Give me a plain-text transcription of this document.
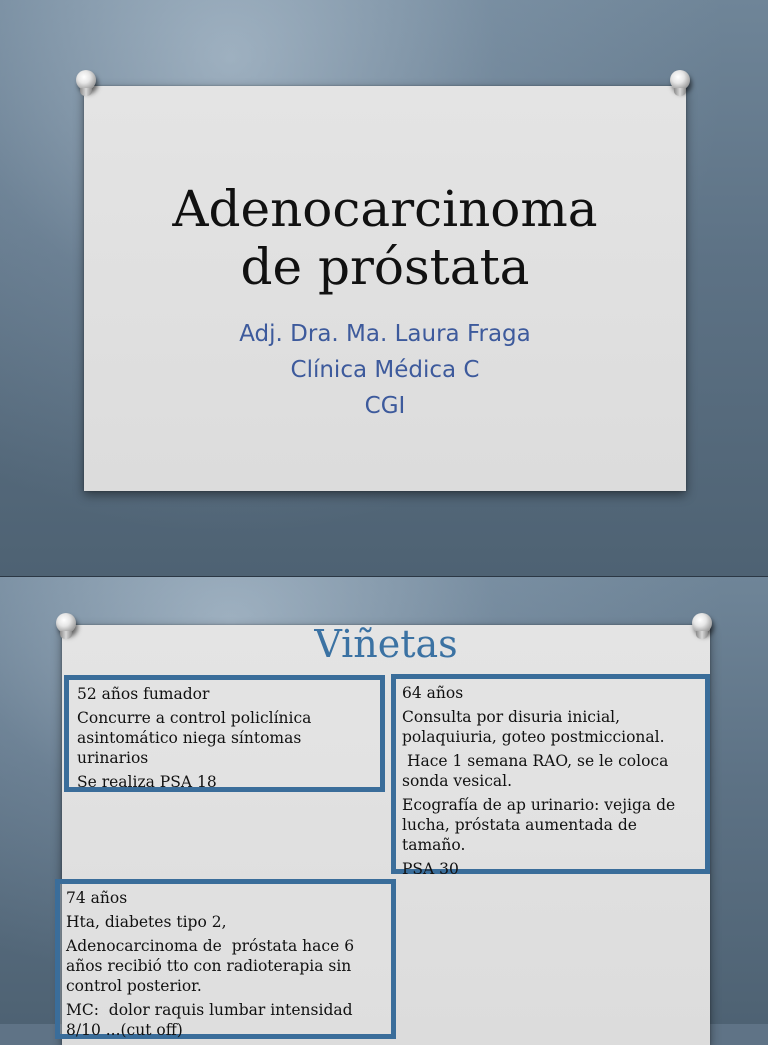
Adenocarcinoma
de próstata
Adj. Dra. Ma. Laura Fraga
Clínica Médica C
CGI
Viñetas

52 años fumador

Concurre a control policlínica asintomático niega síntomas urinarios

Se realiza PSA 18

64 años

Consulta por disuria inicial, polaquiuria, goteo postmiccional.

Hace 1 semana RAO, se le coloca sonda vesical.

Ecografía de ap urinario: vejiga de lucha, próstata aumentada de tamaño.

PSA 30

74 años

Hta, diabetes tipo 2,

Adenocarcinoma de  próstata hace 6 años recibió tto con radioterapia sin control posterior.

MC:  dolor raquis lumbar intensidad 8/10 ...(cut off)
